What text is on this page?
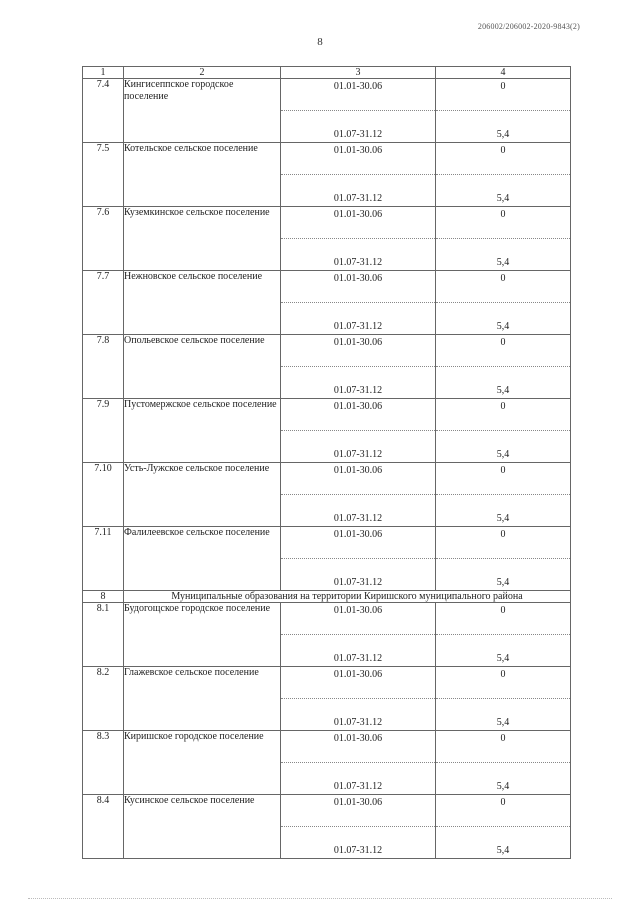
206002/206002-2020-9843(2)
8
1	2	3	4
7.4	Кингисеппское городское поселение	01.01-30.06	0
		01.07-31.12	5,4
7.5	Котельское сельское поселение	01.01-30.06	0
		01.07-31.12	5,4
7.6	Куземкинское сельское поселение	01.01-30.06	0
		01.07-31.12	5,4
7.7	Нежновское сельское поселение	01.01-30.06	0
		01.07-31.12	5,4
7.8	Опольевское сельское поселение	01.01-30.06	0
		01.07-31.12	5,4
7.9	Пустомержское сельское поселение	01.01-30.06	0
		01.07-31.12	5,4
7.10	Усть-Лужское сельское поселение	01.01-30.06	0
		01.07-31.12	5,4
7.11	Фалилеевское сельское поселение	01.01-30.06	0
		01.07-31.12	5,4
8	Муниципальные образования на территории Киришского муниципального района		
8.1	Будогощское городское поселение	01.01-30.06	0
		01.07-31.12	5,4
8.2	Глажевское сельское поселение	01.01-30.06	0
		01.07-31.12	5,4
8.3	Киришское городское поселение	01.01-30.06	0
		01.07-31.12	5,4
8.4	Кусинское сельское поселение	01.01-30.06	0
		01.07-31.12	5,4
